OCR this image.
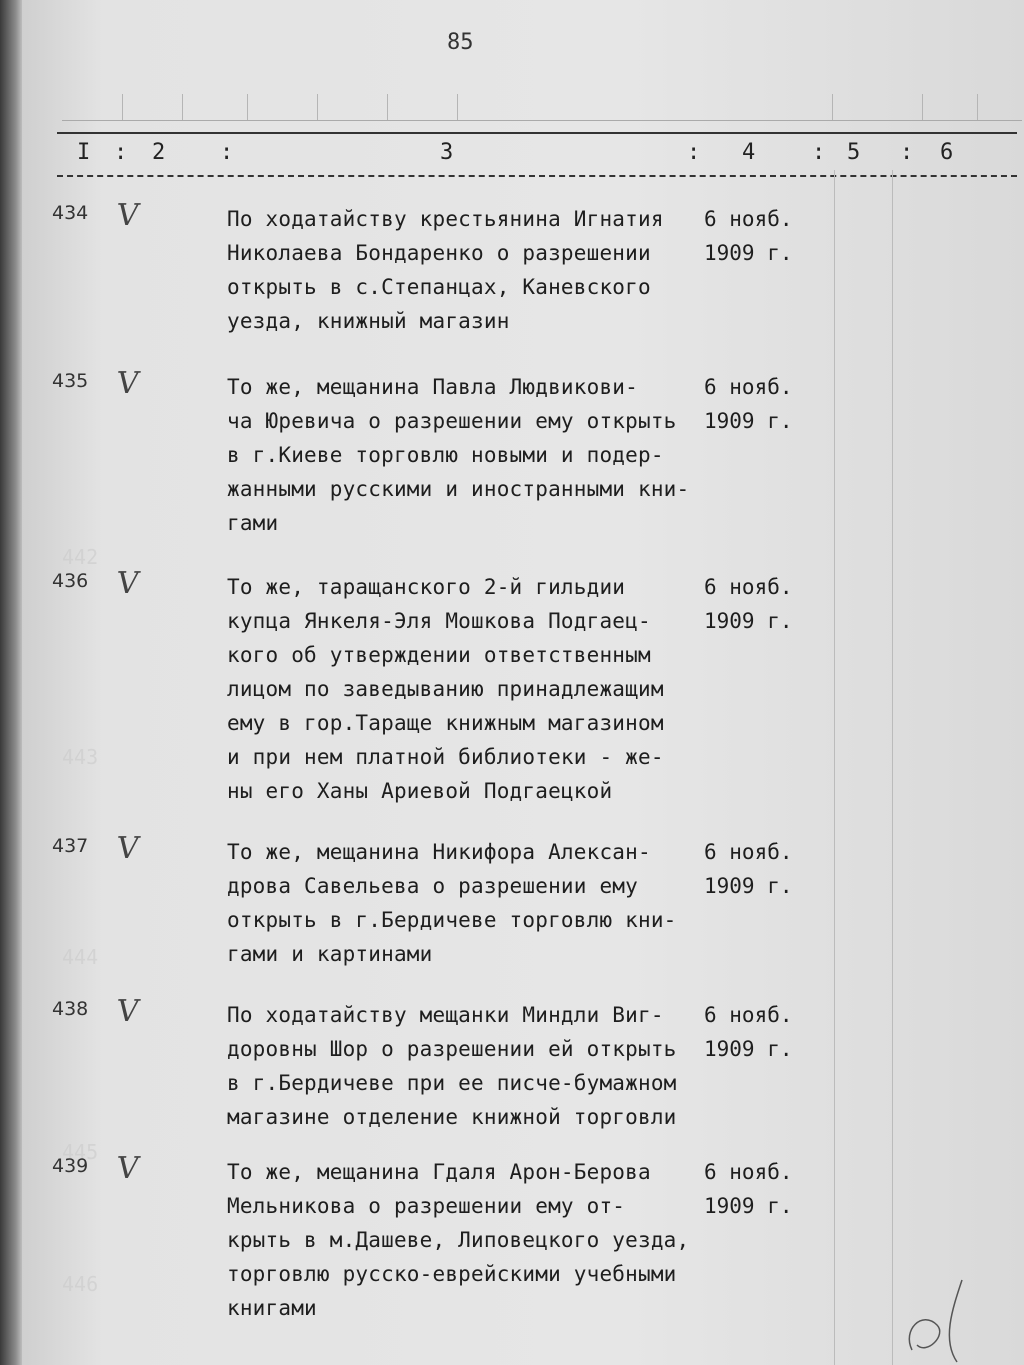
85
I : 2 :	3	: 4	: 5 : 6
442
443
444
445
446
434 V	По ходатайству крестьянина Игнатия
Николаева Бондаренко о разрешении
открыть в с.Степанцах, Каневского
уезда, книжный магазин
6 нояб.
1909 г.
435 V	То же, мещанина Павла Людвикови-
ча Юревича о разрешении ему открыть
в г.Киеве торговлю новыми и подер-
жанными русскими и иностранными кни-
гами
6 нояб.
1909 г.
436 V	То же, таращанского 2-й гильдии
купца Янкеля-Эля Мошкова Подгаец-
кого об утверждении ответственным
лицом по заведыванию принадлежащим
ему в гор.Тараще книжным магазином
и при нем платной библиотеки - же-
ны его Ханы Ариевой Подгаецкой
6 нояб.
1909 г.
437 V	То же, мещанина Никифора Алексан-
дрова Савельева о разрешении ему
открыть в г.Бердичеве торговлю кни-
гами и картинами
6 нояб.
1909 г.
438 V	По ходатайству мещанки Миндли Виг-
доровны Шор о разрешении ей открыть
в г.Бердичеве при ее писче-бумажном
магазине отделение книжной торговли
6 нояб.
1909 г.
439 V	То же, мещанина Гдаля Арон-Берова
Мельникова о разрешении ему от-
крыть в м.Дашеве, Липовецкого уезда,
торговлю русско-еврейскими учебными
книгами
6 нояб.
1909 г.
